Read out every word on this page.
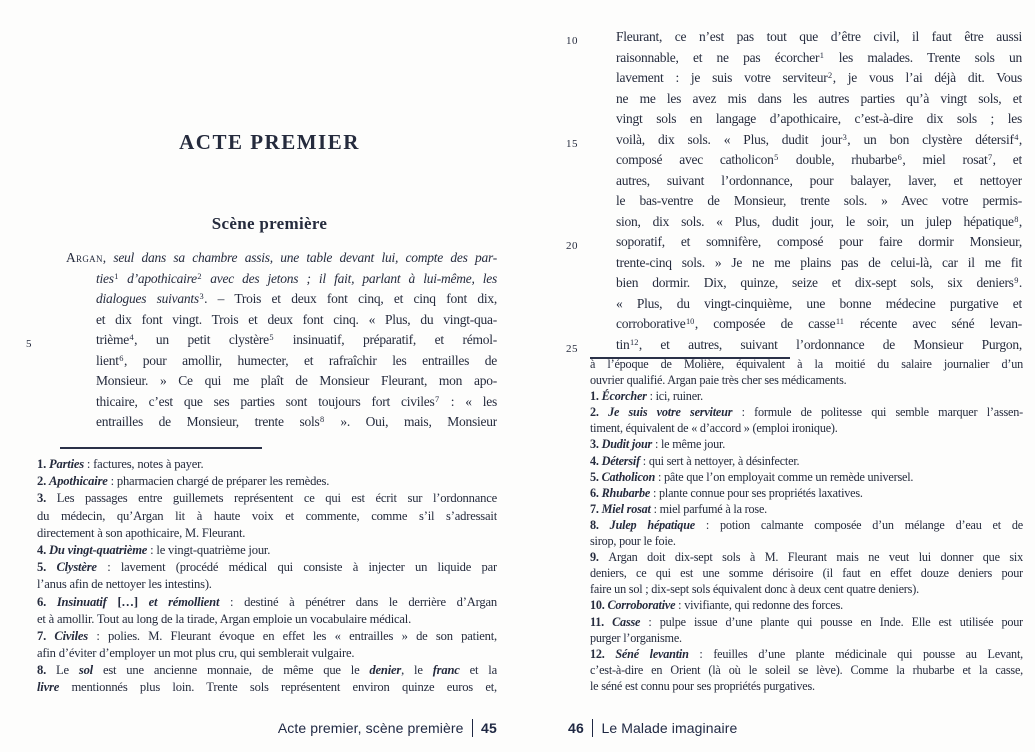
ACTE PREMIER
Scène première
Argan, seul dans sa chambre assis, une table devant lui, compte des par-
ties$^1$ d’apothicaire$^2$ avec des jetons ; il fait, parlant à lui-même, les
dialogues suivants$^3$. – Trois et deux font cinq, et cinq font dix,
et dix font vingt. Trois et deux font cinq. « Plus, du vingt-qua-
5	trième$^4$, un petit clystère$^5$ insinuatif, préparatif, et rémol-
lient$^6$, pour amollir, humecter, et rafraîchir les entrailles de
Monsieur. » Ce qui me plaît de Monsieur Fleurant, mon apo-
thicaire, c’est que ses parties sont toujours fort civiles$^7$ : « les
entrailles de Monsieur, trente sols$^8$ ». Oui, mais, Monsieur
1. Parties : factures, notes à payer.
2. Apothicaire : pharmacien chargé de préparer les remèdes.
3. Les passages entre guillemets représentent ce qui est écrit sur l’ordonnance
du médecin, qu’Argan lit à haute voix et commente, comme s’il s’adressait
directement à son apothicaire, M. Fleurant.
4. Du vingt-quatrième : le vingt-quatrième jour.
5. Clystère : lavement (procédé médical qui consiste à injecter un liquide par
l’anus afin de nettoyer les intestins).
6. Insinuatif […] et rémollient : destiné à pénétrer dans le derrière d’Argan
et à amollir. Tout au long de la tirade, Argan emploie un vocabulaire médical.
7. Civiles : polies. M. Fleurant évoque en effet les « entrailles » de son patient,
afin d’éviter d’employer un mot plus cru, qui semblerait vulgaire.
8. Le sol est une ancienne monnaie, de même que le denier, le franc et la
livre mentionnés plus loin. Trente sols représentent environ quinze euros et,
Acte premier, scène première 45
10	Fleurant, ce n’est pas tout que d’être civil, il faut être aussi
raisonnable, et ne pas écorcher$^1$ les malades. Trente sols un
lavement : je suis votre serviteur$^2$, je vous l’ai déjà dit. Vous
ne me les avez mis dans les autres parties qu’à vingt sols, et
vingt sols en langage d’apothicaire, c’est-à-dire dix sols ; les
15	voilà, dix sols. « Plus, dudit jour$^3$, un bon clystère détersif$^4$,
composé avec catholicon$^5$ double, rhubarbe$^6$, miel rosat$^7$, et
autres, suivant l’ordonnance, pour balayer, laver, et nettoyer
le bas-ventre de Monsieur, trente sols. » Avec votre permis-
sion, dix sols. « Plus, dudit jour, le soir, un julep hépatique$^8$,
20	soporatif, et somnifère, composé pour faire dormir Monsieur,
trente-cinq sols. » Je ne me plains pas de celui-là, car il me fit
bien dormir. Dix, quinze, seize et dix-sept sols, six deniers$^9$.
« Plus, du vingt-cinquième, une bonne médecine purgative et
corroborative$^{10}$, composée de casse$^{11}$ récente avec séné levan-
25	tin$^{12}$, et autres, suivant l’ordonnance de Monsieur Purgon,
à l’époque de Molière, équivalent à la moitié du salaire journalier d’un
ouvrier qualifié. Argan paie très cher ses médicaments.
1. Écorcher : ici, ruiner.
2. Je suis votre serviteur : formule de politesse qui semble marquer l’assen-
timent, équivalent de « d’accord » (emploi ironique).
3. Dudit jour : le même jour.
4. Détersif : qui sert à nettoyer, à désinfecter.
5. Catholicon : pâte que l’on employait comme un remède universel.
6. Rhubarbe : plante connue pour ses propriétés laxatives.
7. Miel rosat : miel parfumé à la rose.
8. Julep hépatique : potion calmante composée d’un mélange d’eau et de
sirop, pour le foie.
9. Argan doit dix-sept sols à M. Fleurant mais ne veut lui donner que six
deniers, ce qui est une somme dérisoire (il faut en effet douze deniers pour
faire un sol ; dix-sept sols équivalent donc à deux cent quatre deniers).
10. Corroborative : vivifiante, qui redonne des forces.
11. Casse : pulpe issue d’une plante qui pousse en Inde. Elle est utilisée pour
purger l’organisme.
12. Séné levantin : feuilles d’une plante médicinale qui pousse au Levant,
c’est-à-dire en Orient (là où le soleil se lève). Comme la rhubarbe et la casse,
le séné est connu pour ses propriétés purgatives.
46 Le Malade imaginaire
